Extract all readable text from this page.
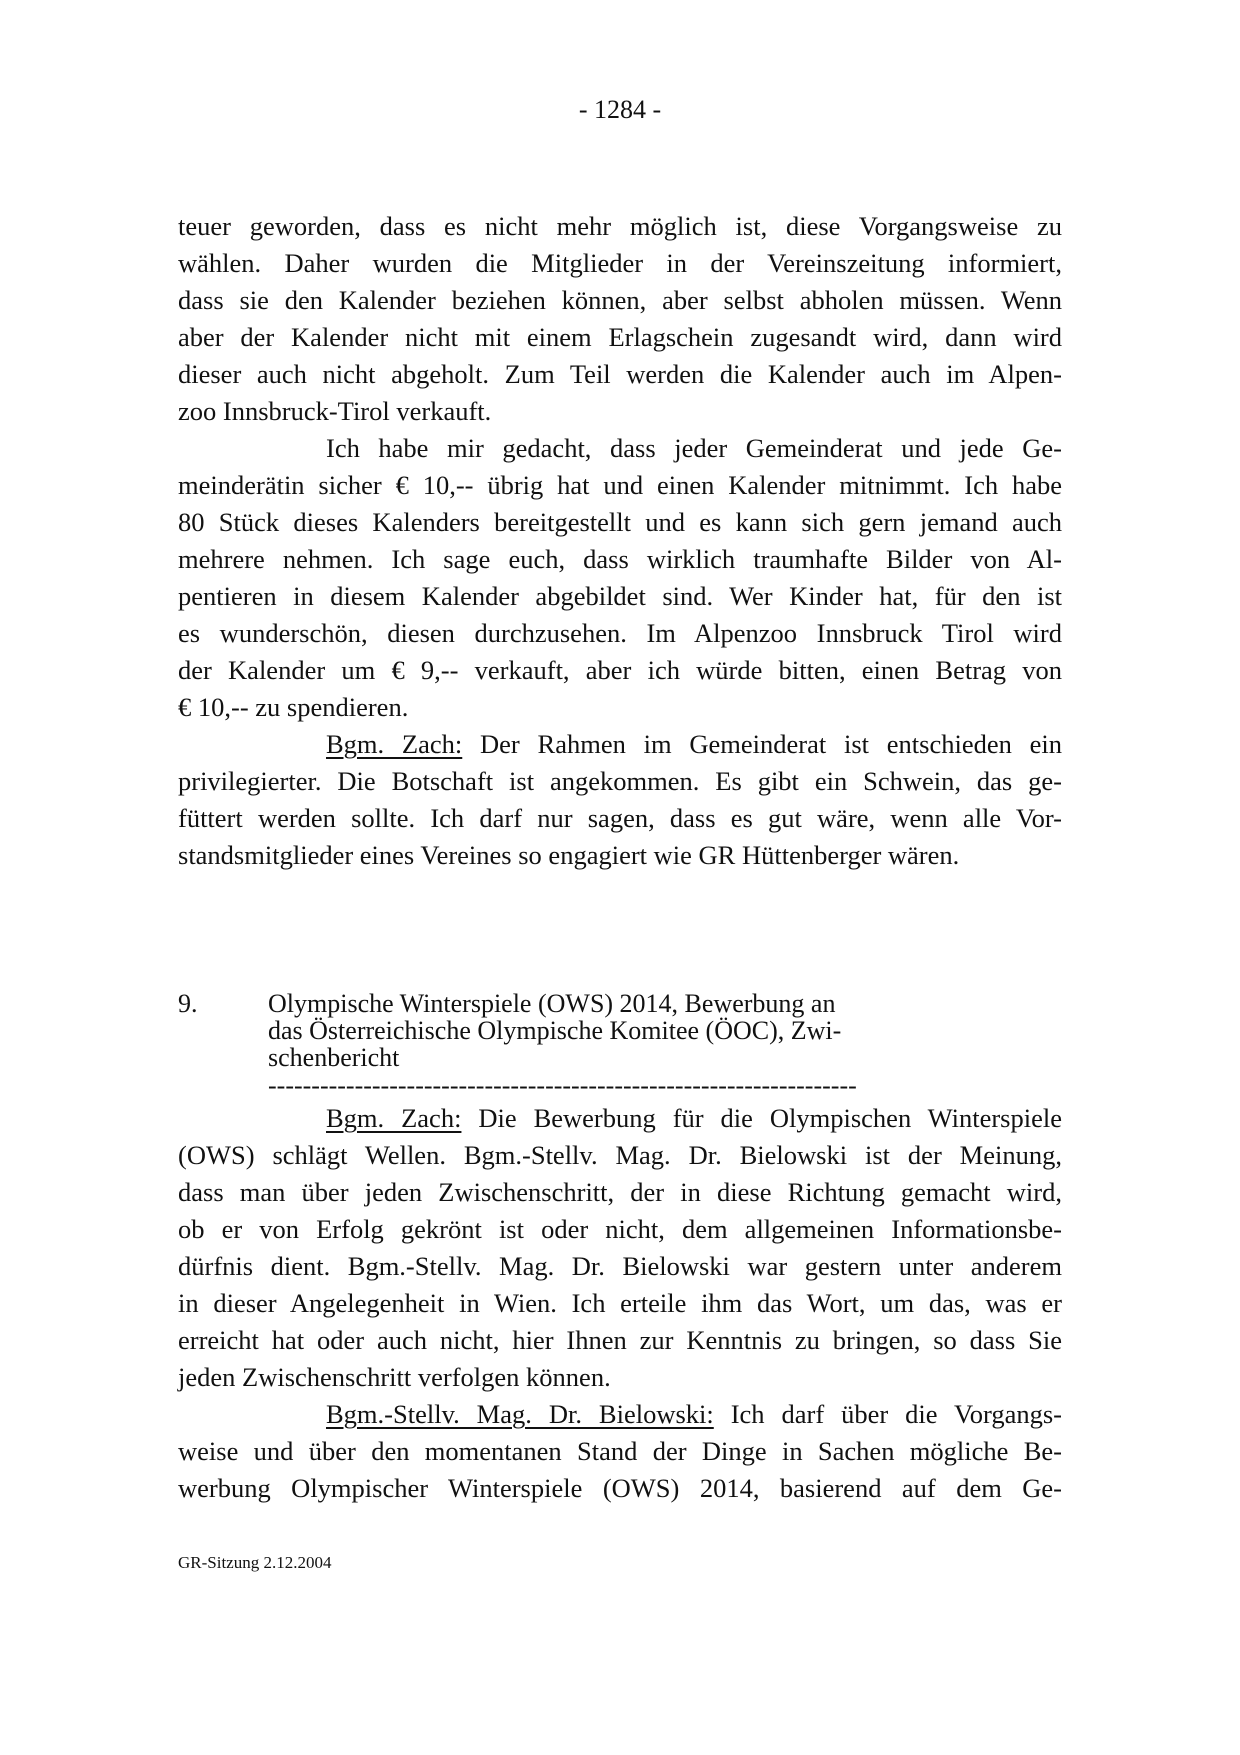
- 1284 -
teuer geworden, dass es nicht mehr möglich ist, diese Vorgangsweise zu
wählen. Daher wurden die Mitglieder in der Vereinszeitung informiert,
dass sie den Kalender beziehen können, aber selbst abholen müssen. Wenn
aber der Kalender nicht mit einem Erlagschein zugesandt wird, dann wird
dieser auch nicht abgeholt. Zum Teil werden die Kalender auch im Alpen-
zoo Innsbruck-Tirol verkauft.
Ich habe mir gedacht, dass jeder Gemeinderat und jede Ge-
meinderätin sicher € 10,-- übrig hat und einen Kalender mitnimmt. Ich habe
80 Stück dieses Kalenders bereitgestellt und es kann sich gern jemand auch
mehrere nehmen. Ich sage euch, dass wirklich traumhafte Bilder von Al-
pentieren in diesem Kalender abgebildet sind. Wer Kinder hat, für den ist
es wunderschön, diesen durchzusehen. Im Alpenzoo Innsbruck Tirol wird
der Kalender um € 9,-- verkauft, aber ich würde bitten, einen Betrag von
€ 10,-- zu spendieren.
Bgm. Zach: Der Rahmen im Gemeinderat ist entschieden ein
privilegierter. Die Botschaft ist angekommen. Es gibt ein Schwein, das ge-
füttert werden sollte. Ich darf nur sagen, dass es gut wäre, wenn alle Vor-
standsmitglieder eines Vereines so engagiert wie GR Hüttenberger wären.
9.	Olympische Winterspiele (OWS) 2014, Bewerbung an
das Österreichische Olympische Komitee (ÖOC), Zwi-
schenbericht
--------------------------------------------------------------------
Bgm. Zach: Die Bewerbung für die Olympischen Winterspiele
(OWS) schlägt Wellen. Bgm.-Stellv. Mag. Dr. Bielowski ist der Meinung,
dass man über jeden Zwischenschritt, der in diese Richtung gemacht wird,
ob er von Erfolg gekrönt ist oder nicht, dem allgemeinen Informationsbe-
dürfnis dient. Bgm.-Stellv. Mag. Dr. Bielowski war gestern unter anderem
in dieser Angelegenheit in Wien. Ich erteile ihm das Wort, um das, was er
erreicht hat oder auch nicht, hier Ihnen zur Kenntnis zu bringen, so dass Sie
jeden Zwischenschritt verfolgen können.
Bgm.-Stellv. Mag. Dr. Bielowski: Ich darf über die Vorgangs-
weise und über den momentanen Stand der Dinge in Sachen mögliche Be-
werbung Olympischer Winterspiele (OWS) 2014, basierend auf dem Ge-
GR-Sitzung 2.12.2004
